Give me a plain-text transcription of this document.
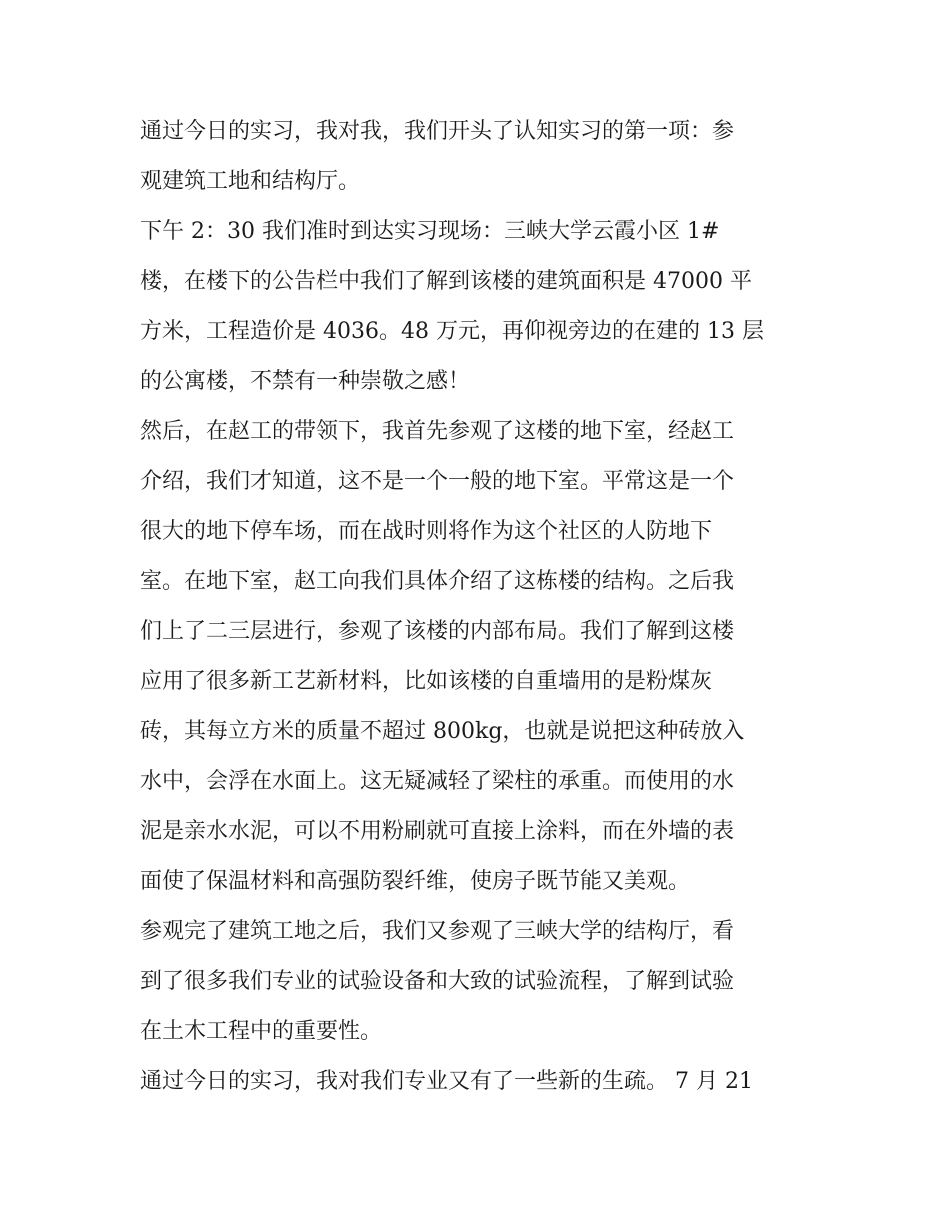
通过今日的实习，我对我，我们开头了认知实习的第一项：参
观建筑工地和结构厅。
下午 2：30 我们准时到达实习现场：三峡大学云霞小区 1#
楼，在楼下的公告栏中我们了解到该楼的建筑面积是 47000 平
方米，工程造价是 4036。48 万元，再仰视旁边的在建的 13 层
的公寓楼，不禁有一种崇敬之感！
然后，在赵工的带领下，我首先参观了这楼的地下室，经赵工
介绍，我们才知道，这不是一个一般的地下室。平常这是一个
很大的地下停车场，而在战时则将作为这个社区的人防地下
室。在地下室，赵工向我们具体介绍了这栋楼的结构。之后我
们上了二三层进行，参观了该楼的内部布局。我们了解到这楼
应用了很多新工艺新材料，比如该楼的自重墙用的是粉煤灰
砖，其每立方米的质量不超过 800kg，也就是说把这种砖放入
水中，会浮在水面上。这无疑减轻了梁柱的承重。而使用的水
泥是亲水水泥，可以不用粉刷就可直接上涂料，而在外墙的表
面使了保温材料和高强防裂纤维，使房子既节能又美观。
参观完了建筑工地之后，我们又参观了三峡大学的结构厅，看
到了很多我们专业的试验设备和大致的试验流程，了解到试验
在土木工程中的重要性。
通过今日的实习，我对我们专业又有了一些新的生疏。 7 月 21
